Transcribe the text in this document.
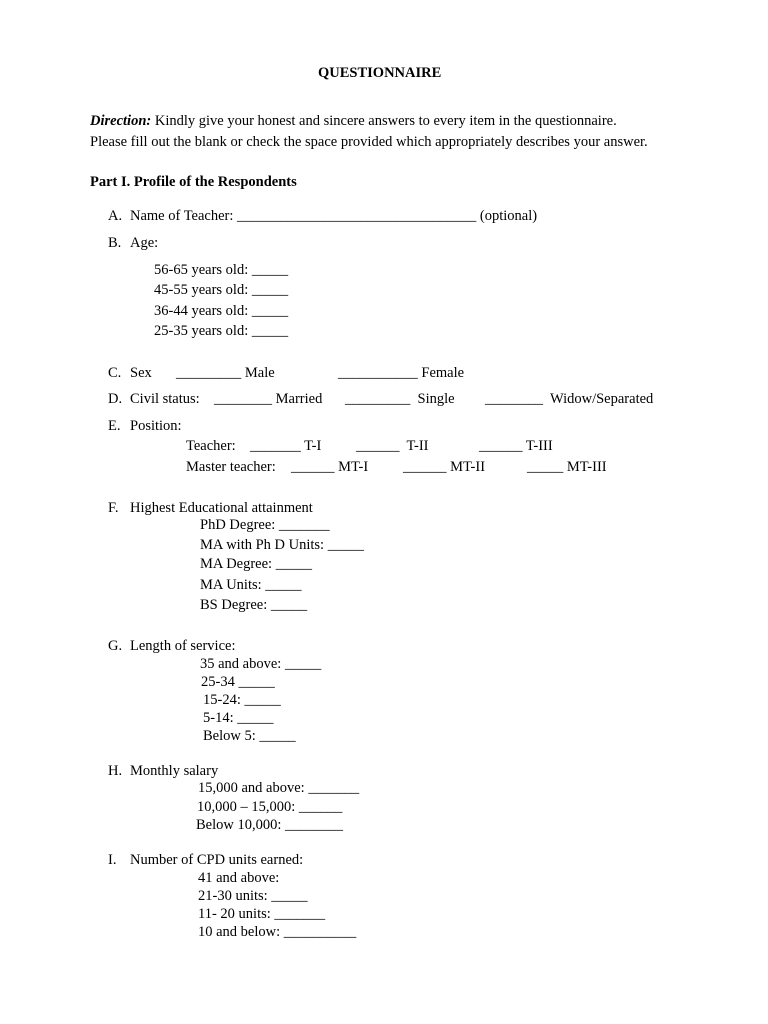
QUESTIONNAIRE
Direction: Kindly give your honest and sincere answers to every item in the questionnaire.
Please fill out the blank or check the space provided which appropriately describes your answer.
Part I. Profile of the Respondents
A. Name of Teacher: _________________________________ (optional)
B. Age:
56-65 years old: _____
45-55 years old: _____
36-44 years old: _____
25-35 years old: _____
C. Sex _________ Male	___________ Female
D. Civil status: ________ Married _________  Single ________  Widow/Separated
E. Position:
Teacher: _______ T-I ______  T-II	______ T-III
Master teacher: ______ MT-I ______ MT-II	_____ MT-III
F. Highest Educational attainment
PhD Degree: _______
MA with Ph D Units: _____
MA Degree: _____
MA Units: _____
BS Degree: _____
G. Length of service:
35 and above: _____
25-34 _____
15-24: _____
5-14: _____
Below 5: _____
H. Monthly salary
15,000 and above: _______
10,000 – 15,000: ______
Below 10,000: ________
I. Number of CPD units earned:
41 and above:
21-30 units: _____
11- 20 units: _______
10 and below: __________
